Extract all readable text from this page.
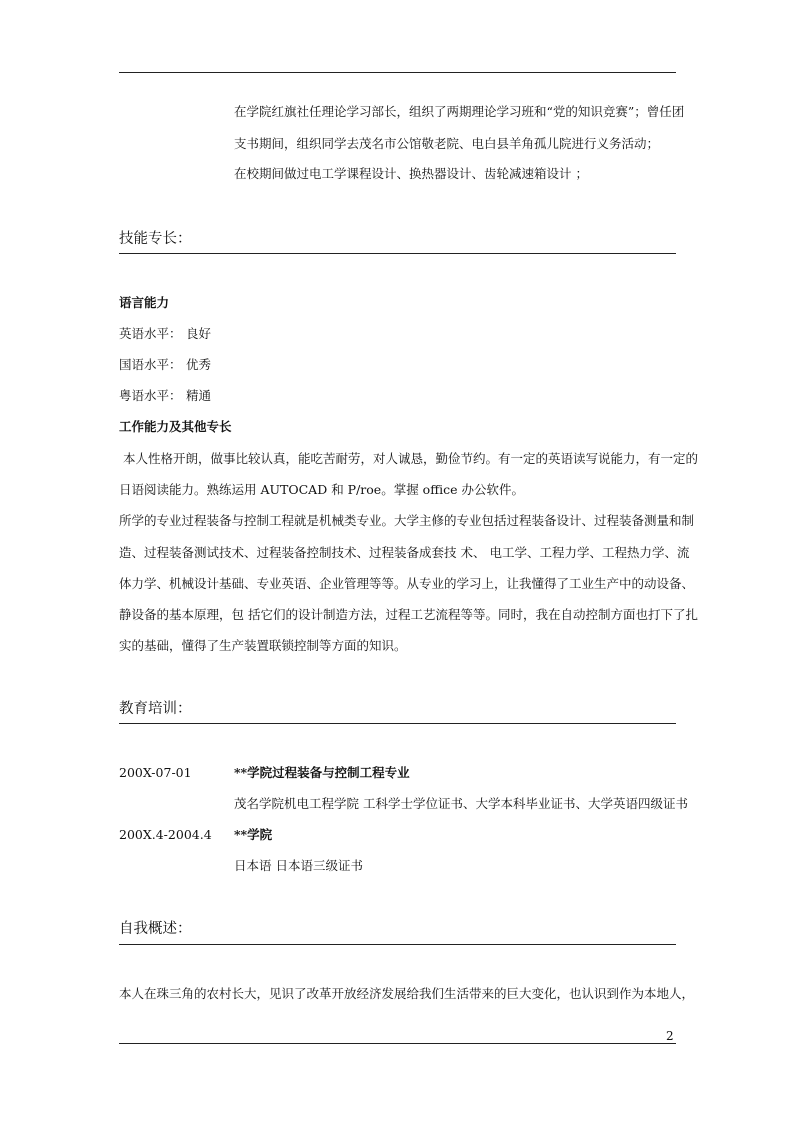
在学院红旗社任理论学习部长，组织了两期理论学习班和“党的知识竞赛”；曾任团
支书期间，组织同学去茂名市公馆敬老院、电白县羊角孤儿院进行义务活动；
在校期间做过电工学课程设计、换热器设计、齿轮减速箱设计 ；
技能专长：
语言能力
英语水平： 良好
国语水平： 优秀
粤语水平： 精通
工作能力及其他专长
本人性格开朗，做事比较认真，能吃苦耐劳，对人诚恳，勤俭节约。有一定的英语读写说能力，有一定的
日语阅读能力。熟练运用 AUTOCAD 和 P/roe。掌握 office 办公软件。
所学的专业过程装备与控制工程就是机械类专业。大学主修的专业包括过程装备设计、过程装备测量和制
造、过程装备测试技术、过程装备控制技术、过程装备成套技 术、 电工学、工程力学、工程热力学、流
体力学、机械设计基础、专业英语、企业管理等等。从专业的学习上，让我懂得了工业生产中的动设备、
静设备的基本原理，包 括它们的设计制造方法，过程工艺流程等等。同时，我在自动控制方面也打下了扎
实的基础，懂得了生产装置联锁控制等方面的知识。
教育培训：
200X-07-01	**学院过程装备与控制工程专业
茂名学院机电工程学院 工科学士学位证书、大学本科毕业证书、大学英语四级证书
200X.4-2004.4 **学院
日本语 日本语三级证书
自我概述：
本人在珠三角的农村长大，见识了改革开放经济发展给我们生活带来的巨大变化，也认识到作为本地人，
2
